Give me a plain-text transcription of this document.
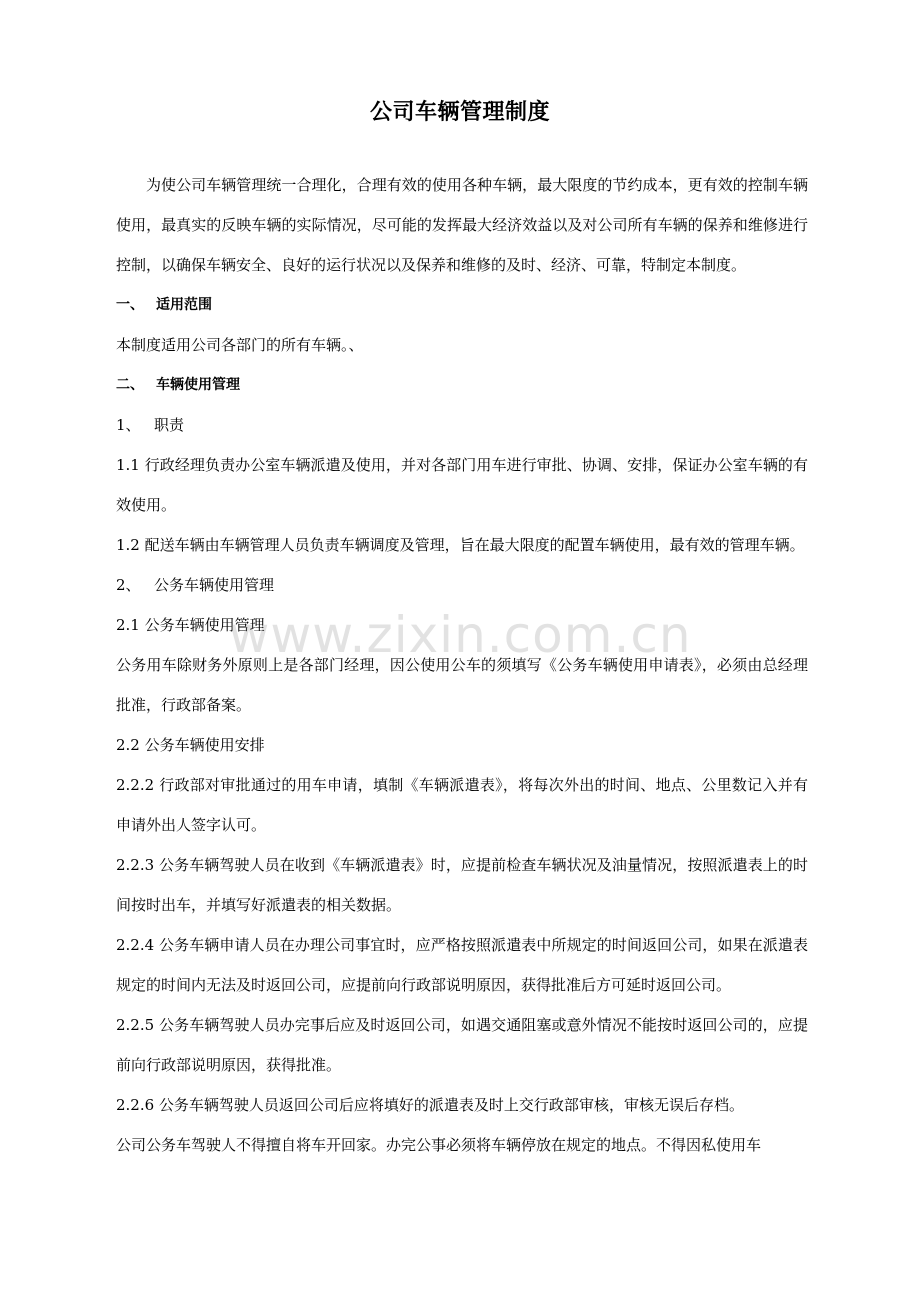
公司车辆管理制度

为使公司车辆管理统一合理化，合理有效的使用各种车辆，最大限度的节约成本，更有效的控制车辆使用，最真实的反映车辆的实际情况，尽可能的发挥最大经济效益以及对公司所有车辆的保养和维修进行控制，以确保车辆安全、良好的运行状况以及保养和维修的及时、经济、可靠，特制定本制度。

一、 适用范围

本制度适用公司各部门的所有车辆。、

二、 车辆使用管理

1、 职责

1.1 行政经理负责办公室车辆派遣及使用，并对各部门用车进行审批、协调、安排，保证办公室车辆的有效使用。

1.2 配送车辆由车辆管理人员负责车辆调度及管理，旨在最大限度的配置车辆使用，最有效的管理车辆。

2、 公务车辆使用管理

2.1 公务车辆使用管理

公务用车除财务外原则上是各部门经理，因公使用公车的须填写《公务车辆使用申请表》，必须由总经理批准，行政部备案。

2.2 公务车辆使用安排

2.2.2 行政部对审批通过的用车申请，填制《车辆派遣表》，将每次外出的时间、地点、公里数记入并有申请外出人签字认可。

2.2.3 公务车辆驾驶人员在收到《车辆派遣表》时，应提前检查车辆状况及油量情况，按照派遣表上的时间按时出车，并填写好派遣表的相关数据。

2.2.4 公务车辆申请人员在办理公司事宜时，应严格按照派遣表中所规定的时间返回公司，如果在派遣表规定的时间内无法及时返回公司，应提前向行政部说明原因，获得批准后方可延时返回公司。

2.2.5 公务车辆驾驶人员办完事后应及时返回公司，如遇交通阻塞或意外情况不能按时返回公司的，应提前向行政部说明原因，获得批准。

2.2.6 公务车辆驾驶人员返回公司后应将填好的派遣表及时上交行政部审核，审核无误后存档。

公司公务车驾驶人不得擅自将车开回家。办完公事必须将车辆停放在规定的地点。不得因私使用车

www.zixin.com.cn
